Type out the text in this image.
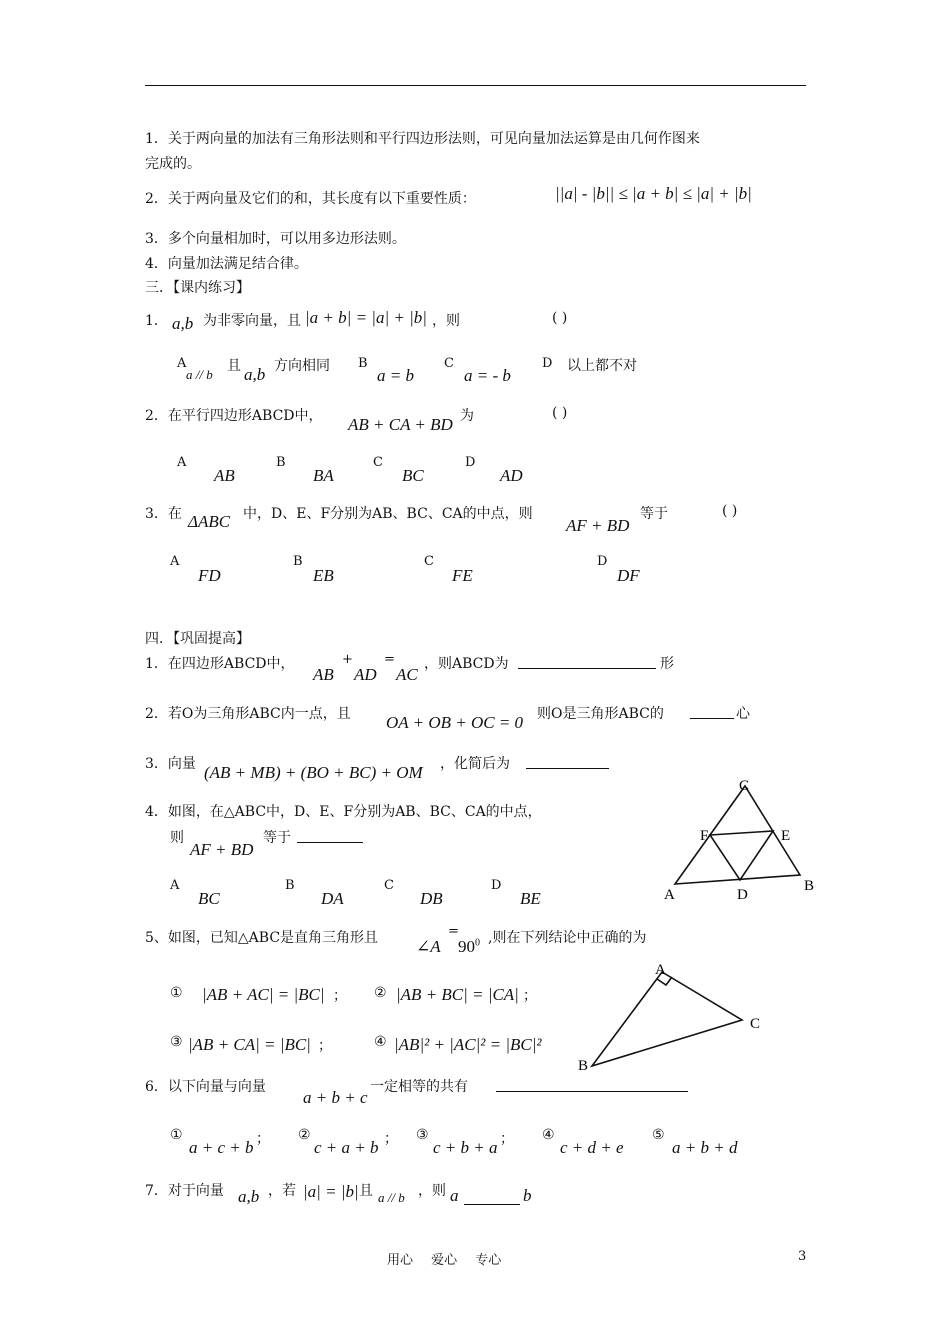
1．关于两向量的加法有三角形法则和平行四边形法则，可见向量加法运算是由几何作图来
完成的。
2．关于两向量及它们的和，其长度有以下重要性质：	||a| - |b|| ≤ |a + b| ≤ |a| + |b|
3．多个向量相加时，可以用多边形法则。
4．向量加法满足结合律。
三．【课内练习】
1． a,b 为非零向量，且 |a + b| = |a| + |b| ，则	( )
A
a // b
且 a,b 方向相同 B
a = b
C
a = - b
D 以上都不对
2．在平行四边形ABCD中， AB + CA + BD 为	( )
A
AB
B
BA
C
BC
D
AD
3．在 ΔABC 中，D、E、F分别为AB、BC、CA的中点，则
AF + BD
等于	( )
A
FD
B
EB
C
FE
D
DF
四．【巩固提高】
1．在四边形ABCD中，
AB
+
AD
=
AC
，则ABCD为	形
2．若O为三角形ABC内一点，且 OA + OB + OC = 0 则O是三角形ABC的	心
3．向量 (AB + MB) + (BO + BC) + OM ，化简后为
4．如图，在△ABC中，D、E、F分别为AB、BC、CA的中点，
则
AF + BD
等于
A
BC
B
DA
C
DB
D
BE
C
F	E
A	D
B
5、如图，已知△ABC是直角三角形且 ∠A
=
$90^0$ ,则在下列结论中正确的为
① |AB + AC| = |BC| ； ② |AB + BC| = |CA| ；
③ |AB + CA| = |BC| ；	④ |AB|² + |AC|² = |BC|²
A
C
B
6．以下向量与向量
a + b + c
一定相等的共有
①
a + c + b ； ②
c + a + b ； ③
c + b + a ； ④
c + d + e
⑤
a + b + d
7．对于向量 a,b ，若 |a| = |b| 且 a // b ，则 a	b
用心 爱心 专心	3
